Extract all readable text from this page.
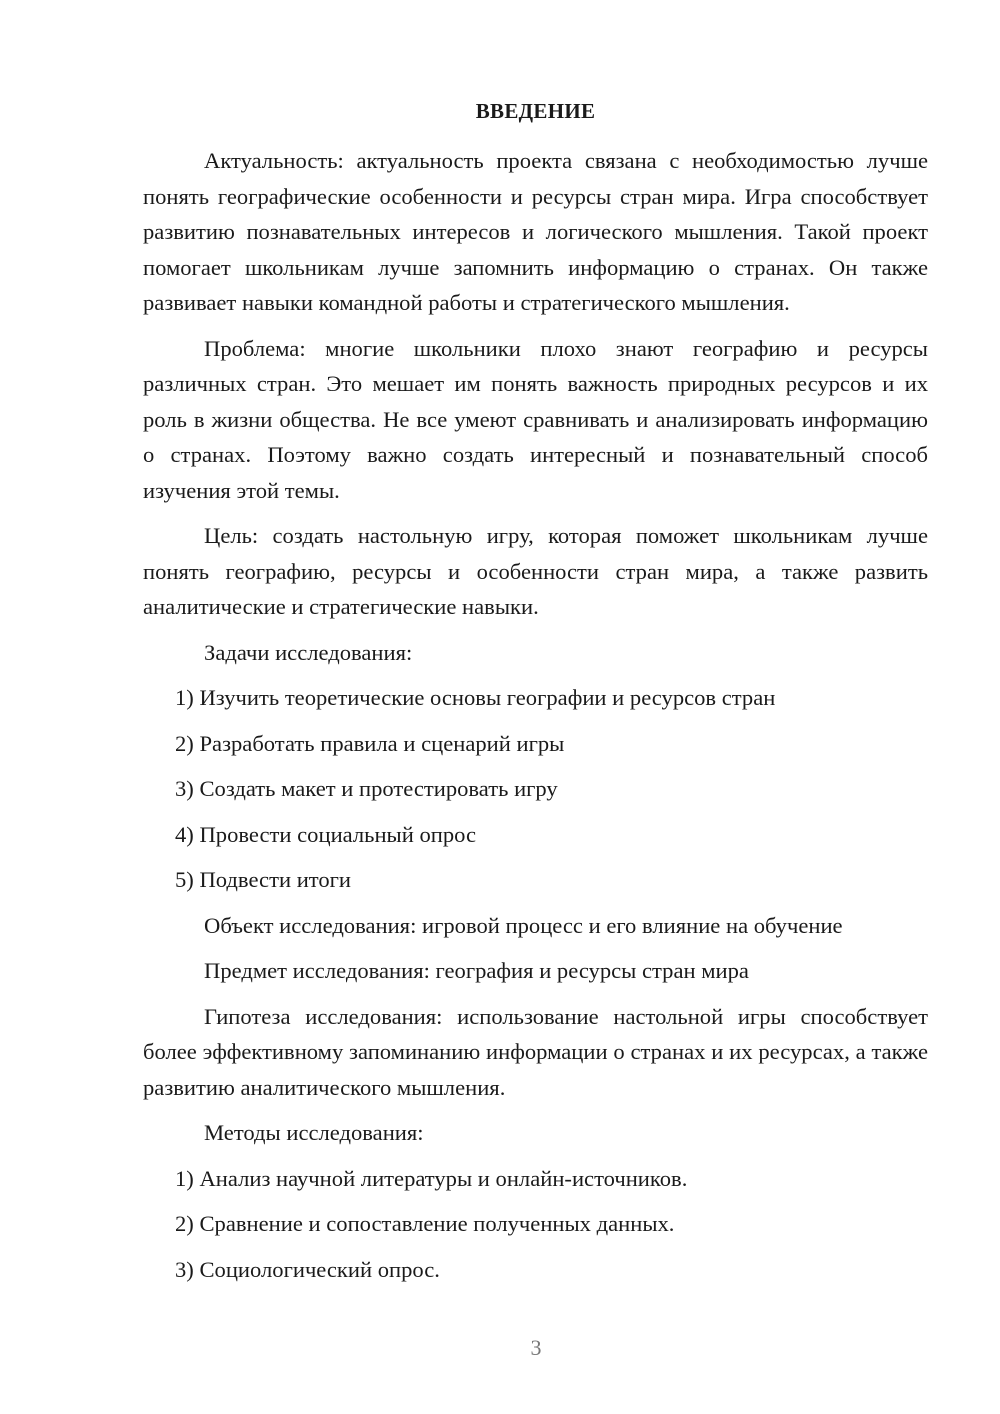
ВВЕДЕНИЕ

Актуальность: актуальность проекта связана с необходимостью лучше понять географические особенности и ресурсы стран мира. Игра способствует развитию познавательных интересов и логического мышления. Такой проект помогает школьникам лучше запомнить информацию о странах. Он также развивает навыки командной работы и стратегического мышления.

Проблема: многие школьники плохо знают географию и ресурсы различных стран. Это мешает им понять важность природных ресурсов и их роль в жизни общества. Не все умеют сравнивать и анализировать информацию о странах. Поэтому важно создать интересный и познавательный способ изучения этой темы.

Цель: создать настольную игру, которая поможет школьникам лучше понять географию, ресурсы и особенности стран мира, а также развить аналитические и стратегические навыки.

Задачи исследования:
1) Изучить теоретические основы географии и ресурсов стран
2) Разработать правила и сценарий игры
3) Создать макет и протестировать игру
4) Провести социальный опрос
5) Подвести итоги
Объект исследования: игровой процесс и его влияние на обучение
Предмет исследования: география и ресурсы стран мира

Гипотеза исследования: использование настольной игры способствует более эффективному запоминанию информации о странах и их ресурсах, а также развитию аналитического мышления.

Методы исследования:
1) Анализ научной литературы и онлайн-источников.
2) Сравнение и сопоставление полученных данных.
3) Социологический опрос.
3
